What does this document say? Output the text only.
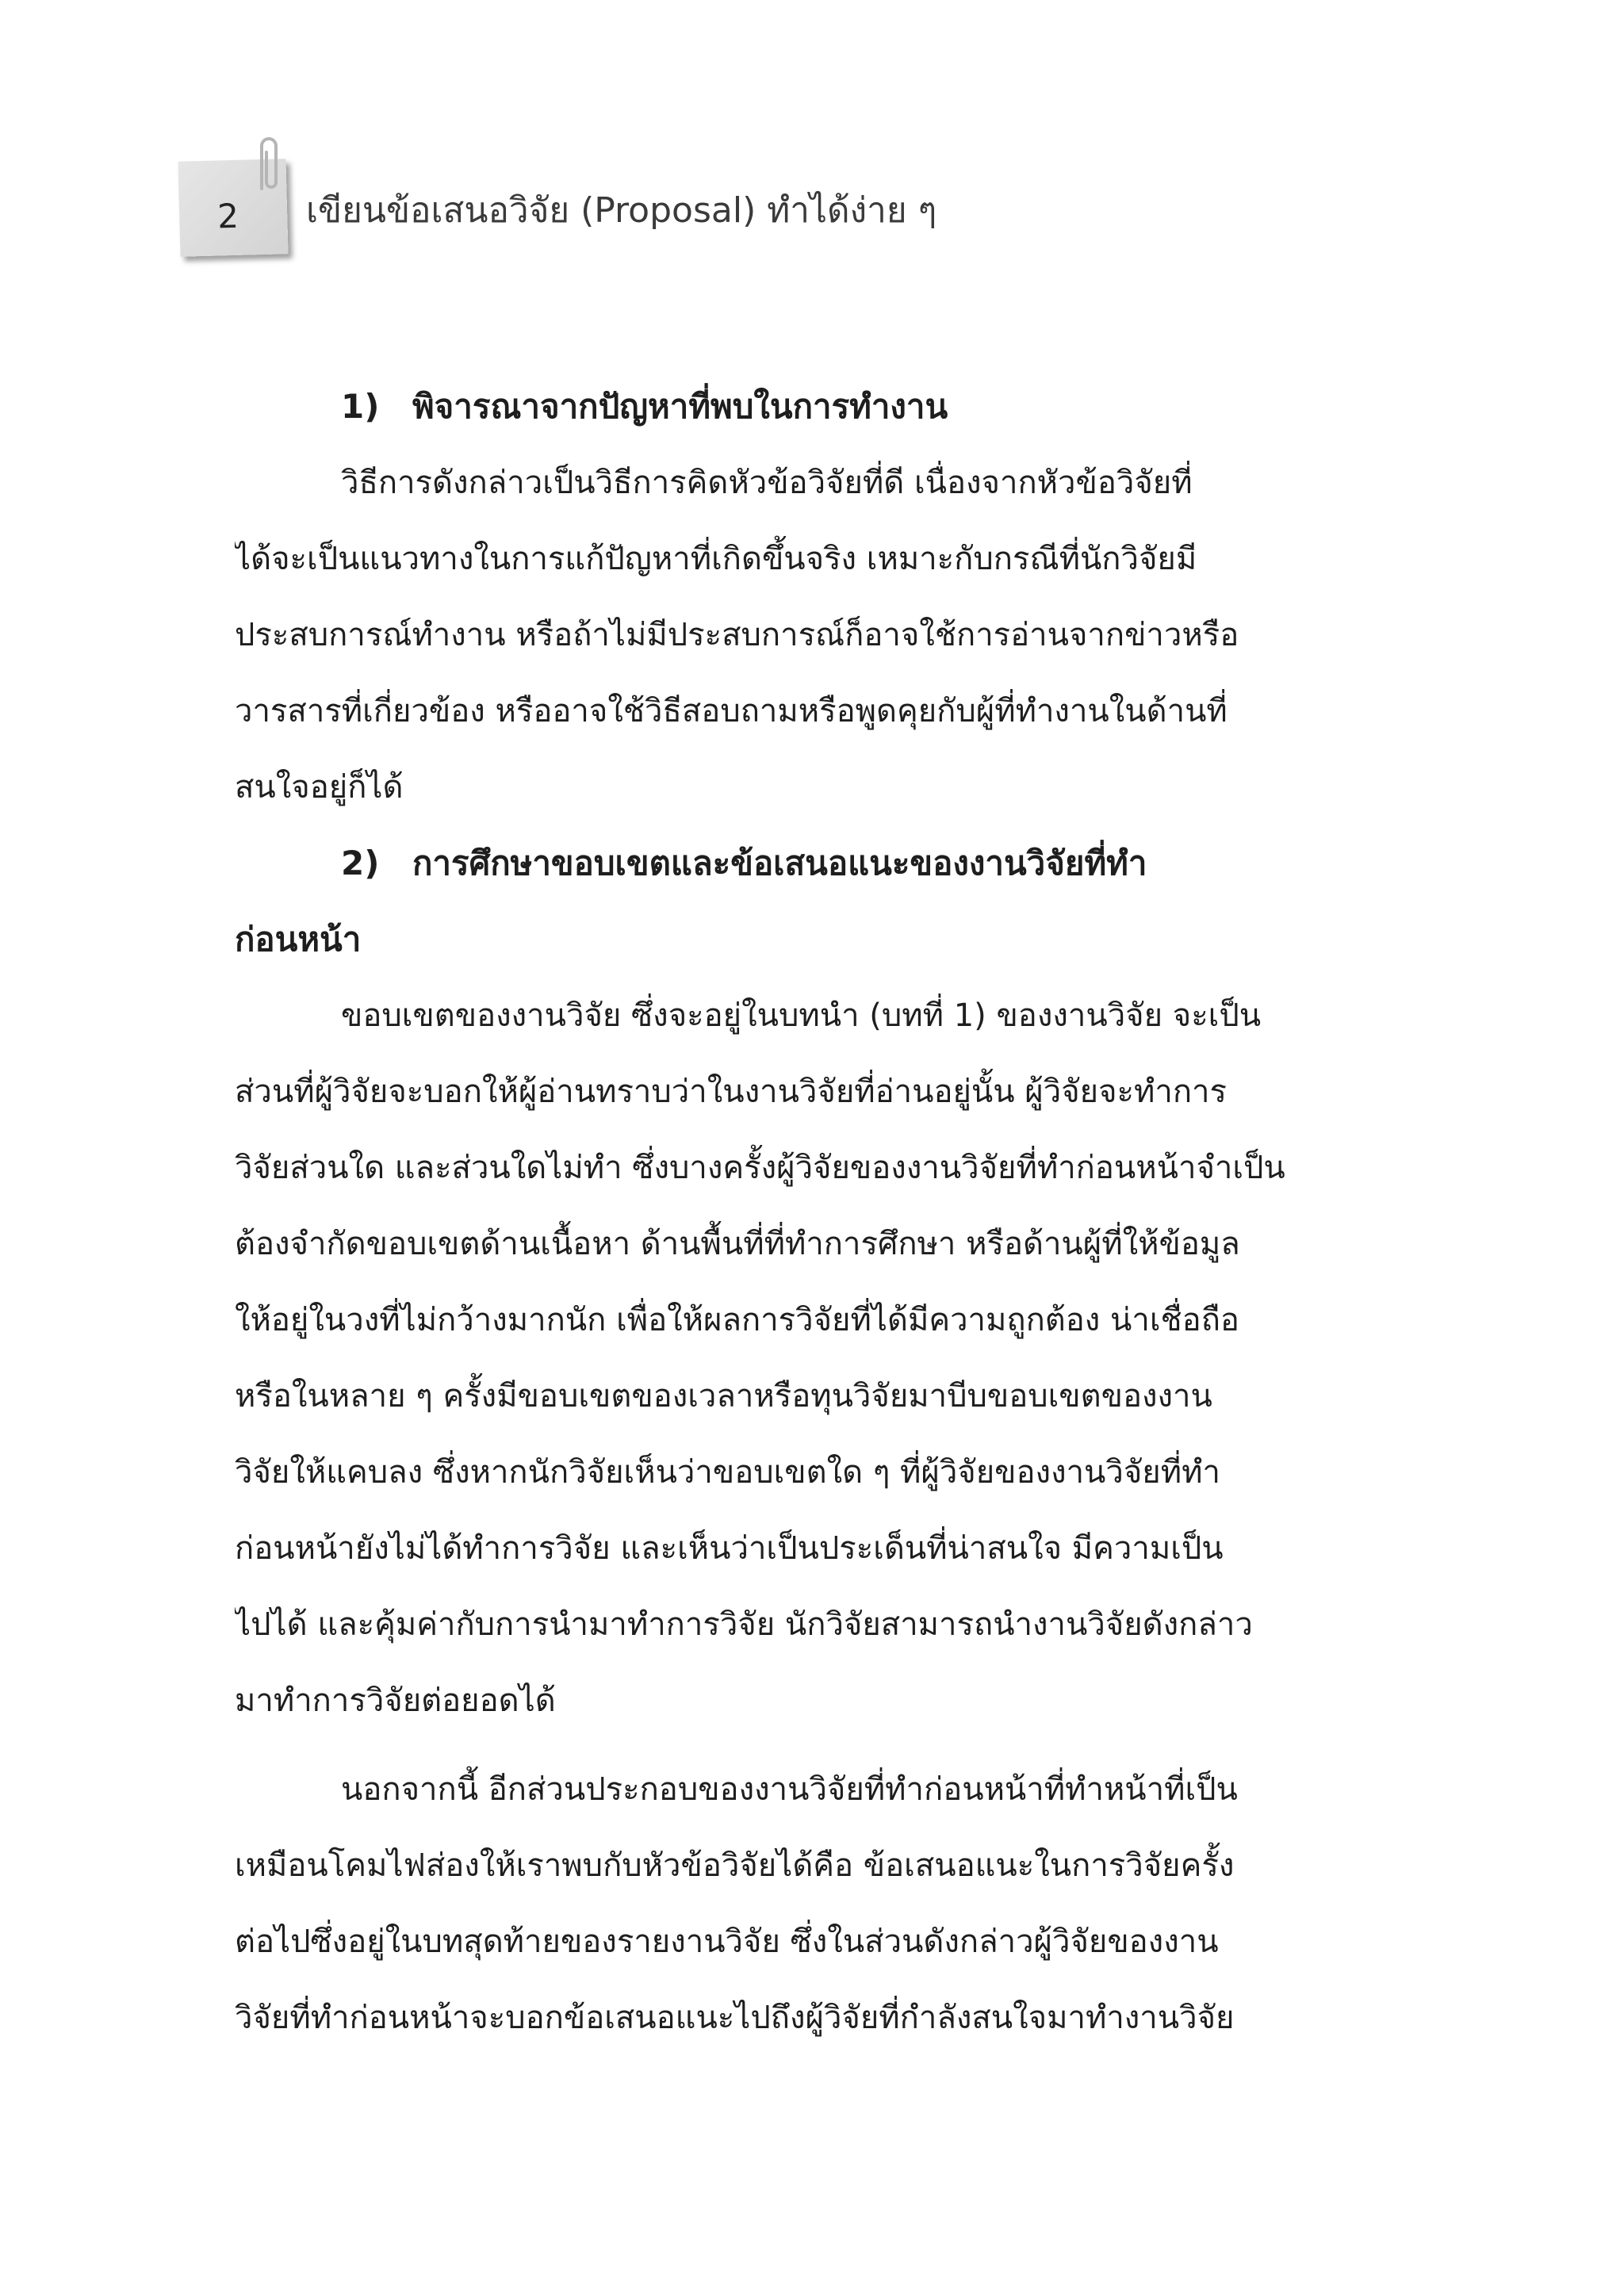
2 เขียนข้อเสนอวิจัย (Proposal) ทำได้ง่าย ๆ
1) พิจารณาจากปัญหาที่พบในการทำงาน
วิธีการดังกล่าวเป็นวิธีการคิดหัวข้อวิจัยที่ดี เนื่องจากหัวข้อวิจัยที่
ได้จะเป็นแนวทางในการแก้ปัญหาที่เกิดขึ้นจริง เหมาะกับกรณีที่นักวิจัยมี
ประสบการณ์ทำงาน หรือถ้าไม่มีประสบการณ์ก็อาจใช้การอ่านจากข่าวหรือ
วารสารที่เกี่ยวข้อง หรืออาจใช้วิธีสอบถามหรือพูดคุยกับผู้ที่ทำงานในด้านที่
สนใจอยู่ก็ได้
2) การศึกษาขอบเขตและข้อเสนอแนะของงานวิจัยที่ทำ
ก่อนหน้า
ขอบเขตของงานวิจัย ซึ่งจะอยู่ในบทนำ (บทที่ 1) ของงานวิจัย จะเป็น
ส่วนที่ผู้วิจัยจะบอกให้ผู้อ่านทราบว่าในงานวิจัยที่อ่านอยู่นั้น ผู้วิจัยจะทำการ
วิจัยส่วนใด และส่วนใดไม่ทำ ซึ่งบางครั้งผู้วิจัยของงานวิจัยที่ทำก่อนหน้าจำเป็น
ต้องจำกัดขอบเขตด้านเนื้อหา ด้านพื้นที่ที่ทำการศึกษา หรือด้านผู้ที่ให้ข้อมูล
ให้อยู่ในวงที่ไม่กว้างมากนัก เพื่อให้ผลการวิจัยที่ได้มีความถูกต้อง น่าเชื่อถือ
หรือในหลาย ๆ ครั้งมีขอบเขตของเวลาหรือทุนวิจัยมาบีบขอบเขตของงาน
วิจัยให้แคบลง ซึ่งหากนักวิจัยเห็นว่าขอบเขตใด ๆ ที่ผู้วิจัยของงานวิจัยที่ทำ
ก่อนหน้ายังไม่ได้ทำการวิจัย และเห็นว่าเป็นประเด็นที่น่าสนใจ มีความเป็น
ไปได้ และคุ้มค่ากับการนำมาทำการวิจัย นักวิจัยสามารถนำงานวิจัยดังกล่าว
มาทำการวิจัยต่อยอดได้
นอกจากนี้ อีกส่วนประกอบของงานวิจัยที่ทำก่อนหน้าที่ทำหน้าที่เป็น
เหมือนโคมไฟส่องให้เราพบกับหัวข้อวิจัยได้คือ ข้อเสนอแนะในการวิจัยครั้ง
ต่อไปซึ่งอยู่ในบทสุดท้ายของรายงานวิจัย ซึ่งในส่วนดังกล่าวผู้วิจัยของงาน
วิจัยที่ทำก่อนหน้าจะบอกข้อเสนอแนะไปถึงผู้วิจัยที่กำลังสนใจมาทำงานวิจัย
